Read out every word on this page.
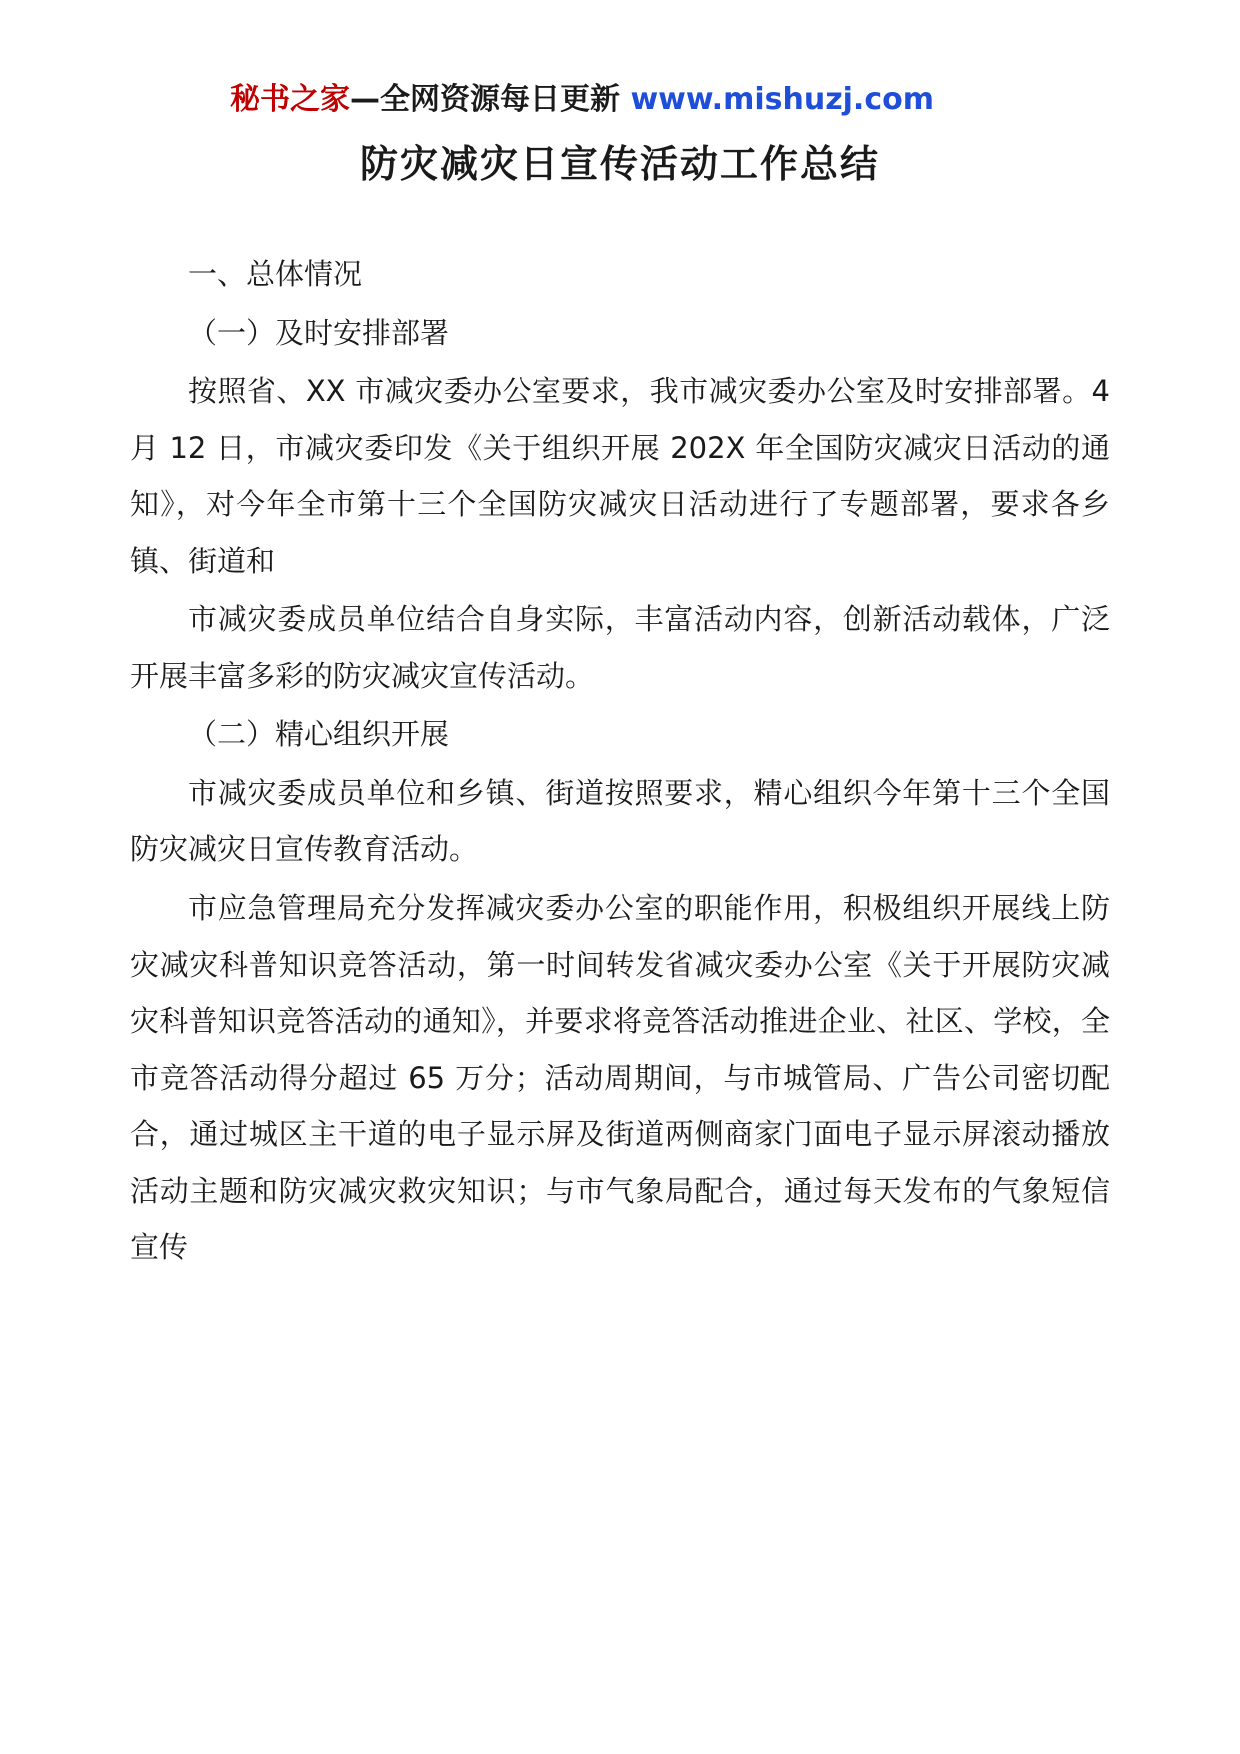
秘书之家—全网资源每日更新 www.mishuzj.com
防灾减灾日宣传活动工作总结

一、总体情况

（一）及时安排部署

按照省、XX 市减灾委办公室要求，我市减灾委办公室及时安排部署。4 月 12 日，市减灾委印发《关于组织开展 202X 年全国防灾减灾日活动的通知》，对今年全市第十三个全国防灾减灾日活动进行了专题部署，要求各乡镇、街道和

市减灾委成员单位结合自身实际，丰富活动内容，创新活动载体，广泛开展丰富多彩的防灾减灾宣传活动。

（二）精心组织开展

市减灾委成员单位和乡镇、街道按照要求，精心组织今年第十三个全国防灾减灾日宣传教育活动。

市应急管理局充分发挥减灾委办公室的职能作用，积极组织开展线上防灾减灾科普知识竞答活动，第一时间转发省减灾委办公室《关于开展防灾减灾科普知识竞答活动的通知》，并要求将竞答活动推进企业、社区、学校，全市竞答活动得分超过 65 万分；活动周期间，与市城管局、广告公司密切配合，通过城区主干道的电子显示屏及街道两侧商家门面电子显示屏滚动播放活动主题和防灾减灾救灾知识；与市气象局配合，通过每天发布的气象短信宣传
